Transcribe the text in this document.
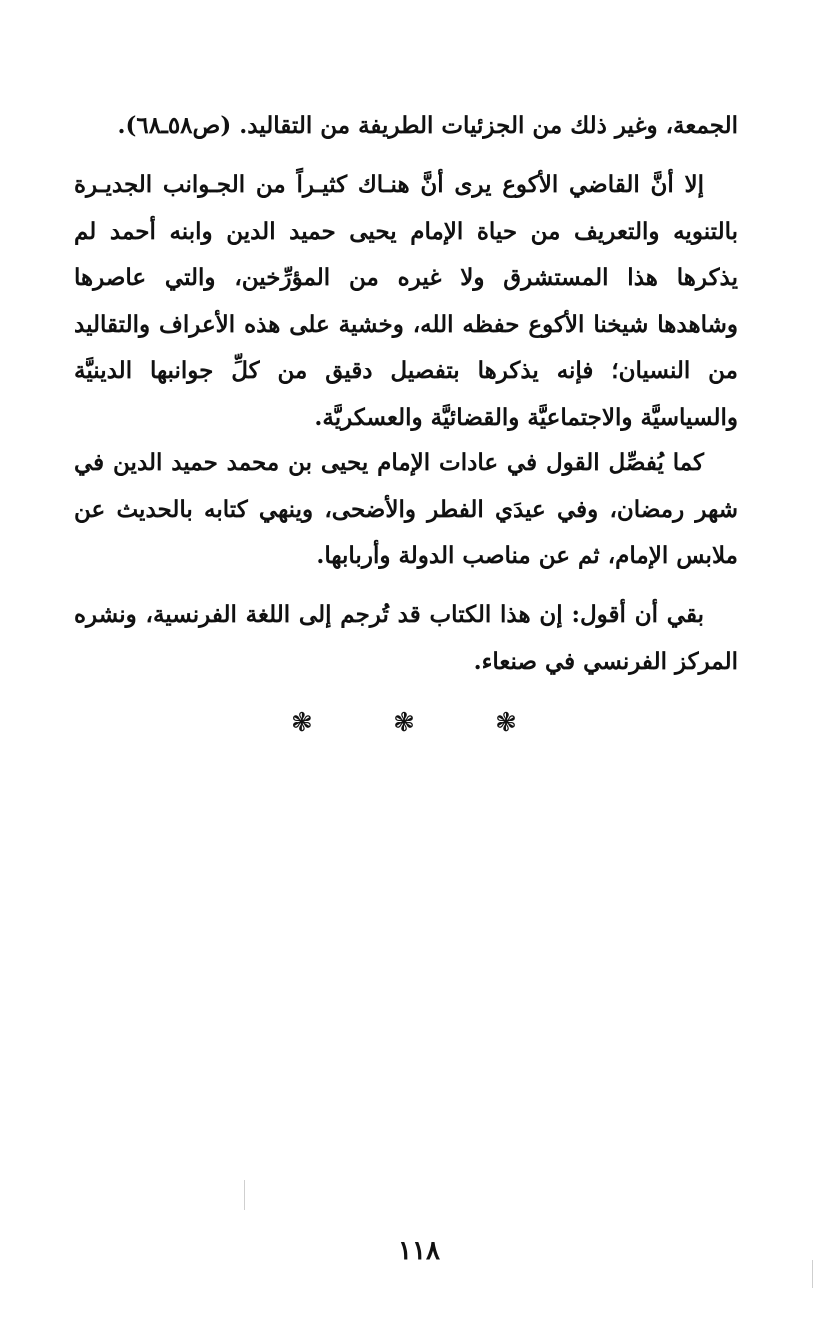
الجمعة، وغير ذلك من الجزئيات الطريفة من التقاليد. (ص٥٨ـ٦٨).

إلا أنَّ القاضي الأكوع يرى أنَّ هنـاك كثيـراً من الجـوانب الجديـرة بالتنويه والتعريف من حياة الإمام يحيى حميد الدين وابنه أحمد لم يذكرها هذا المستشرق ولا غيره من المؤرِّخين، والتي عاصرها وشاهدها شيخنا الأكوع حفظه الله، وخشية على هذه الأعراف والتقاليد من النسيان؛ فإنه يذكرها بتفصيل دقيق من كلِّ جوانبها الدينيَّة والسياسيَّة والاجتماعيَّة والقضائيَّة والعسكريَّة.

كما يُفصِّل القول في عادات الإمام يحيى بن محمد حميد الدين في شهر رمضان، وفي عيدَي الفطر والأضحى، وينهي كتابه بالحديث عن ملابس الإمام، ثم عن مناصب الدولة وأربابها.

بقي أن أقول: إن هذا الكتاب قد تُرجم إلى اللغة الفرنسية، ونشره المركز الفرنسي في صنعاء.

❃ ❃ ❃
١١٨
